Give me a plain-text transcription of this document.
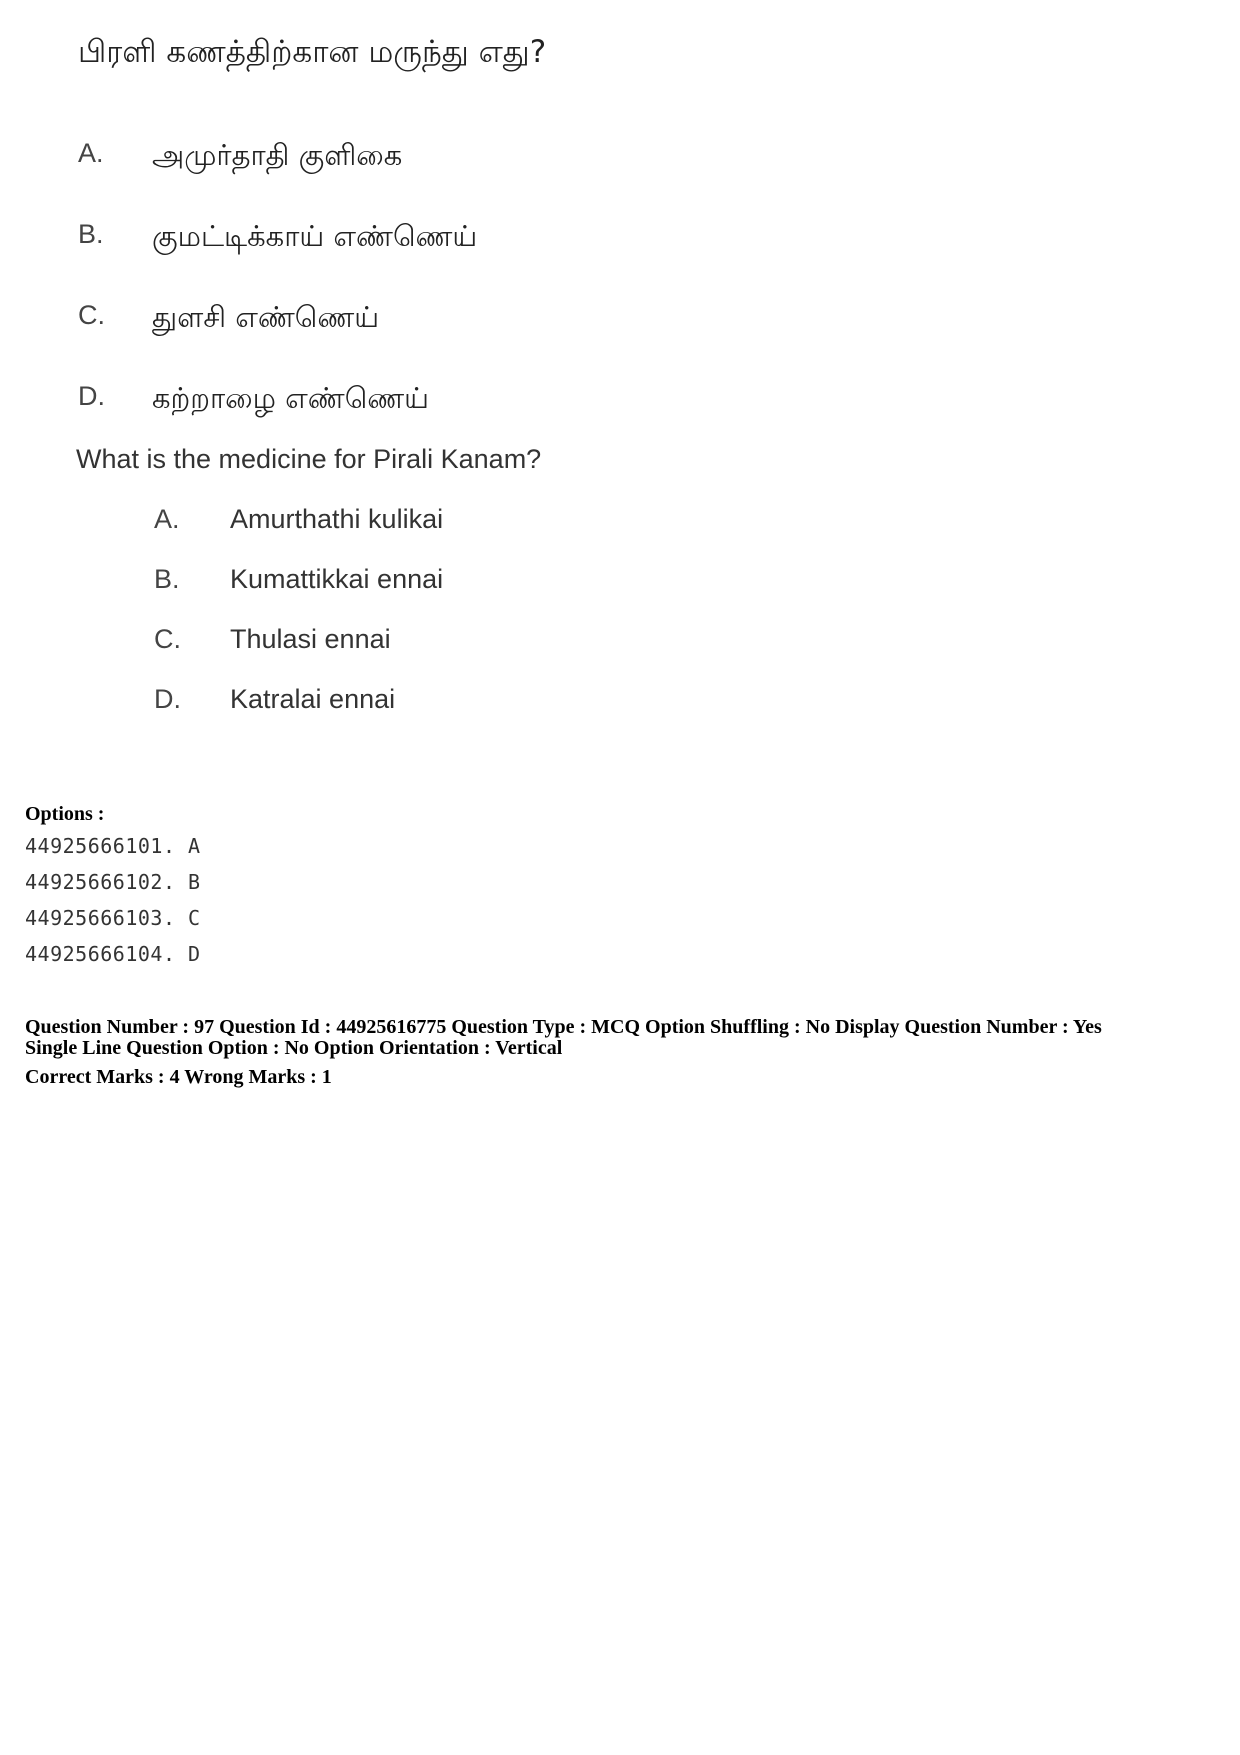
பிரளி கணத்திற்கான மருந்து எது?
A. அமுர்தாதி குளிகை
B. குமட்டிக்காய் எண்ணெய்
C. துளசி எண்ணெய்
D. கற்றாழை எண்ணெய்
What is the medicine for Pirali Kanam?
A. Amurthathi kulikai
B. Kumattikkai ennai
C. Thulasi ennai
D. Katralai ennai
Options :
44925666101. A
44925666102. B
44925666103. C
44925666104. D
Question Number : 97 Question Id : 44925616775 Question Type : MCQ Option Shuffling : No Display Question Number : Yes
Single Line Question Option : No Option Orientation : Vertical
Correct Marks : 4 Wrong Marks : 1
